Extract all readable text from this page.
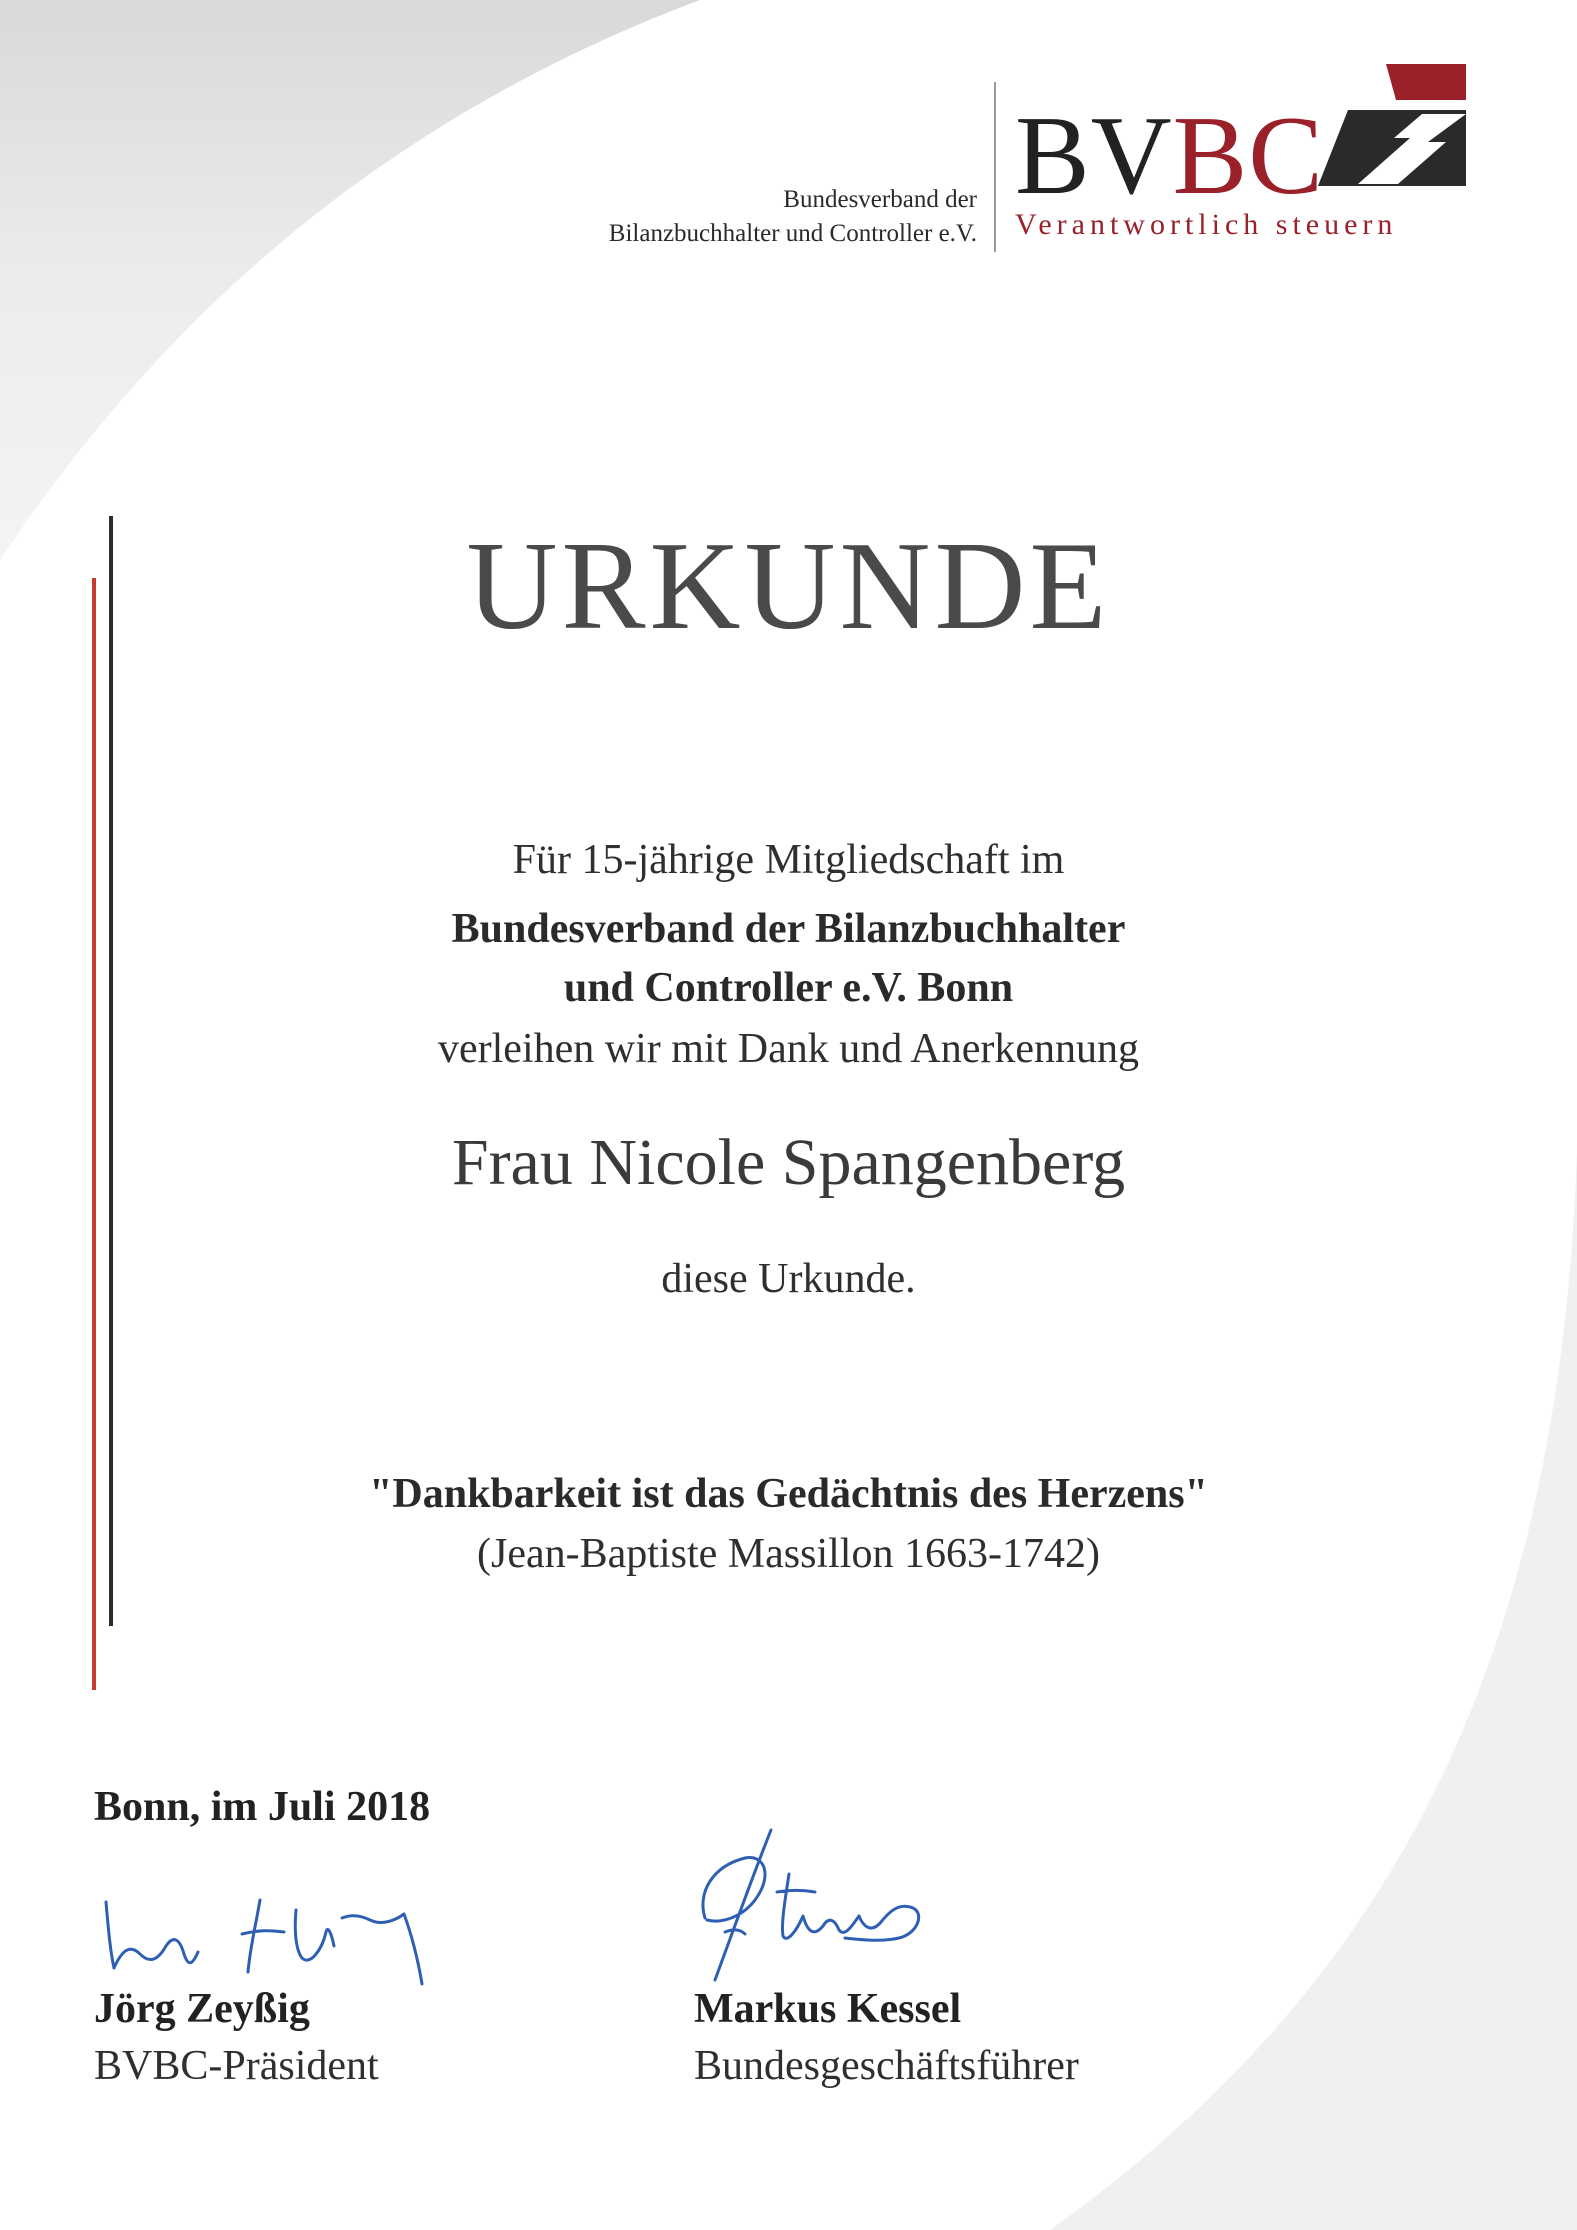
Bundesverband der
Bilanzbuchhalter und Controller e.V.
BVBC
Verantwortlich steuern
URKUNDE
Für 15-jährige Mitgliedschaft im
Bundesverband der Bilanzbuchhalter
und Controller e.V. Bonn
verleihen wir mit Dank und Anerkennung
Frau Nicole Spangenberg
diese Urkunde.
"Dankbarkeit ist das Gedächtnis des Herzens"
(Jean-Baptiste Massillon 1663-1742)
Bonn, im Juli 2018
Jörg Zeyßig
BVBC-Präsident
Markus Kessel
Bundesgeschäftsführer
